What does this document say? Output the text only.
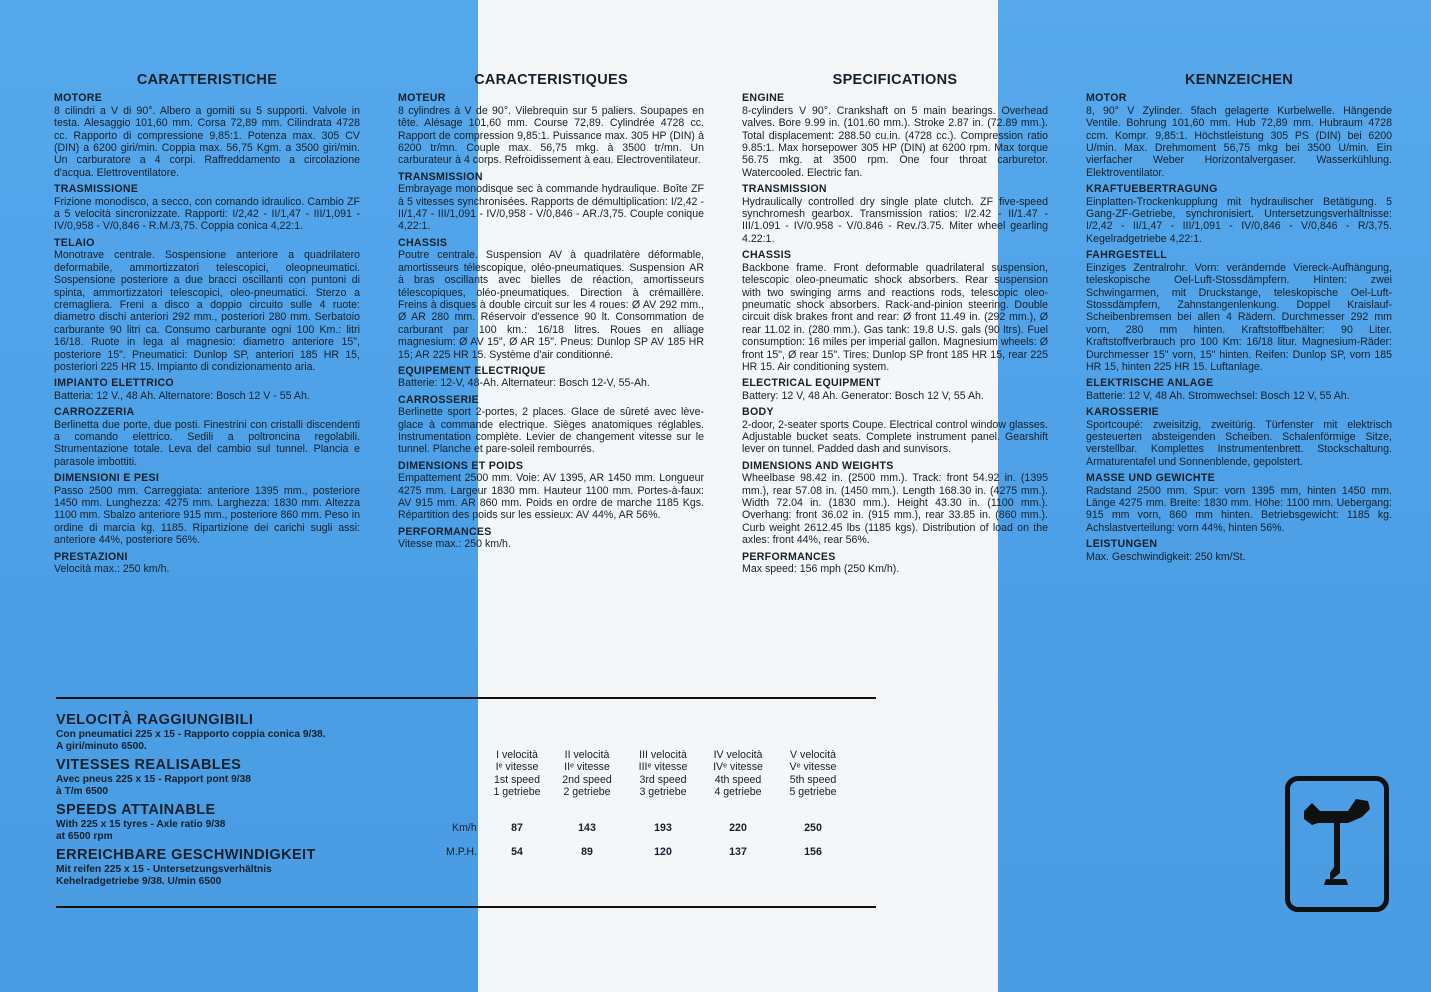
CARATTERISTICHE
MOTORE

8 cilindri a V di 90°. Albero a gomiti su 5 supporti. Valvole in testa. Alesaggio 101,60 mm. Corsa 72,89 mm. Cilindrata 4728 cc. Rapporto di compressione 9,85:1. Potenza max. 305 CV (DIN) a 6200 giri/min. Coppia max. 56,75 Kgm. a 3500 giri/min. Un carburatore a 4 corpi. Raffreddamento a circolazione d'acqua. Elettroventilatore.

TRASMISSIONE

Frizione monodisco, a secco, con comando idraulico. Cambio ZF a 5 velocità sincronizzate. Rapporti: I/2,42 - II/1,47 - III/1,091 - IV/0,958 - V/0,846 - R.M./3,75. Coppia conica 4,22:1.

TELAIO

Monotrave centrale. Sospensione anteriore a quadrilatero deformabile, ammortizzatori telescopici, oleopneumatici. Sospensione posteriore a due bracci oscillanti con puntoni di spinta, ammortizzatori telescopici, oleo-pneumatici. Sterzo a cremagliera. Freni a disco a doppio circuito sulle 4 ruote: diametro dischi anteriori 292 mm., posteriori 280 mm. Serbatoio carburante 90 litri ca. Consumo carburante ogni 100 Km.: litri 16/18. Ruote in lega al magnesio: diametro anteriore 15", posteriore 15". Pneumatici: Dunlop SP, anteriori 185 HR 15, posteriori 225 HR 15. Impianto di condizionamento aria.

IMPIANTO ELETTRICO

Batteria: 12 V., 48 Ah. Alternatore: Bosch 12 V - 55 Ah.

CARROZZERIA

Berlinetta due porte, due posti. Finestrini con cristalli discendenti a comando elettrico. Sedili a poltroncina regolabili. Strumentazione totale. Leva del cambio sul tunnel. Plancia e parasole imbottiti.

DIMENSIONI E PESI

Passo 2500 mm. Carreggiata: anteriore 1395 mm., posteriore 1450 mm. Lunghezza: 4275 mm. Larghezza: 1830 mm. Altezza 1100 mm. Sbalzo anteriore 915 mm., posteriore 860 mm. Peso in ordine di marcia kg. 1185. Ripartizione dei carichi sugli assi: anteriore 44%, posteriore 56%.

PRESTAZIONI

Velocità max.: 250 km/h.

CARACTERISTIQUES
MOTEUR

8 cylindres à V de 90°. Vilebrequin sur 5 paliers. Soupapes en tête. Alésage 101,60 mm. Course 72,89. Cylindrée 4728 cc. Rapport de compression 9,85:1. Puissance max. 305 HP (DIN) à 6200 tr/mn. Couple max. 56,75 mkg. à 3500 tr/mn. Un carburateur à 4 corps. Refroidissement à eau. Electroventilateur.

TRANSMISSION

Embrayage monodisque sec à commande hydraulique. Boîte ZF à 5 vitesses synchronisées. Rapports de démultiplication: I/2,42 - II/1,47 - III/1,091 - IV/0,958 - V/0,846 - AR./3,75. Couple conique 4,22:1.

CHASSIS

Poutre centrale. Suspension AV à quadrilatère déformable, amortisseurs télescopique, oléo-pneumatiques. Suspension AR à bras oscillants avec bielles de réaction, amortisseurs télescopiques, oléo-pneumatiques. Direction à crémaillère. Freins à disques à double circuit sur les 4 roues: Ø AV 292 mm., Ø AR 280 mm. Réservoir d'essence 90 lt. Consommation de carburant par 100 km.: 16/18 litres. Roues en alliage magnesium: Ø AV 15", Ø AR 15". Pneus: Dunlop SP AV 185 HR 15; AR 225 HR 15. Système d'air conditionné.

EQUIPEMENT ELECTRIQUE

Batterie: 12-V, 48-Ah. Alternateur: Bosch 12-V, 55-Ah.

CARROSSERIE

Berlinette sport 2-portes, 2 places. Glace de sûreté avec lève-glace à commande electrique. Sièges anatomiques réglables. Instrumentation complète. Levier de changement vitesse sur le tunnel. Planche et pare-soleil rembourrés.

DIMENSIONS ET POIDS

Empattement 2500 mm. Voie: AV 1395, AR 1450 mm. Longueur 4275 mm. Largeur 1830 mm. Hauteur 1100 mm. Portes-à-faux: AV 915 mm. AR 860 mm. Poids en ordre de marche 1185 Kgs. Répartition des poids sur les essieux: AV 44%, AR 56%.

PERFORMANCES

Vitesse max.: 250 km/h.

SPECIFICATIONS
ENGINE

8-cylinders V 90°. Crankshaft on 5 main bearings. Overhead valves. Bore 9.99 in. (101.60 mm.). Stroke 2.87 in. (72.89 mm.). Total displacement: 288.50 cu.in. (4728 cc.). Compression ratio 9.85:1. Max horsepower 305 HP (DIN) at 6200 rpm. Max torque 56.75 mkg. at 3500 rpm. One four throat carburetor. Watercooled. Electric fan.

TRANSMISSION

Hydraulically controlled dry single plate clutch. ZF five-speed synchromesh gearbox. Transmission ratios: I/2.42 - II/1.47 - III/1.091 - IV/0.958 - V/0.846 - Rev./3.75. Miter wheel gearling 4.22:1.

CHASSIS

Backbone frame. Front deformable quadrilateral suspension, telescopic oleo-pneumatic shock absorbers. Rear suspension with two swinging arms and reactions rods, telescopic oleo-pneumatic shock absorbers. Rack-and-pinion steering. Double circuit disk brakes front and rear: Ø front 11.49 in. (292 mm.), Ø rear 11.02 in. (280 mm.). Gas tank: 19.8 U.S. gals (90 ltrs). Fuel consumption: 16 miles per imperial gallon. Magnesium wheels: Ø front 15", Ø rear 15". Tires: Dunlop SP front 185 HR 15, rear 225 HR 15. Air conditioning system.

ELECTRICAL EQUIPMENT

Battery: 12 V, 48 Ah. Generator: Bosch 12 V, 55 Ah.

BODY

2-door, 2-seater sports Coupe. Electrical control window glasses. Adjustable bucket seats. Complete instrument panel. Gearshift lever on tunnel. Padded dash and sunvisors.

DIMENSIONS AND WEIGHTS

Wheelbase 98.42 in. (2500 mm.). Track: front 54.92 in. (1395 mm.), rear 57.08 in. (1450 mm.). Length 168.30 in. (4275 mm.). Width 72.04 in. (1830 mm.). Height 43.30 in. (1100 mm.). Overhang: front 36.02 in. (915 mm.), rear 33.85 in. (860 mm.). Curb weight 2612.45 lbs (1185 kgs). Distribution of load on the axles: front 44%, rear 56%.

PERFORMANCES

Max speed: 156 mph (250 Km/h).

KENNZEICHEN
MOTOR

8, 90° V Zylinder. 5fach gelagerte Kurbelwelle. Hängende Ventile. Bohrung 101,60 mm. Hub 72,89 mm. Hubraum 4728 ccm. Kompr. 9,85:1. Höchstleistung 305 PS (DIN) bei 6200 U/min. Max. Drehmoment 56,75 mkg bei 3500 U/min. Ein vierfacher Weber Horizontalvergaser. Wasserkühlung. Elektroventilator.

KRAFTUEBERTRAGUNG

Einplatten-Trockenkupplung mit hydraulischer Betätigung. 5 Gang-ZF-Getriebe, synchronisiert. Untersetzungsverhältnisse: I/2,42 - II/1,47 - III/1,091 - IV/0,846 - V/0,846 - R/3,75. Kegelradgetriebe 4,22:1.

FAHRGESTELL

Einziges Zentralrohr. Vorn: verändernde Viereck-Aufhängung, teleskopische Oel-Luft-Stossdämpfern. Hinten: zwei Schwingarmen, mit Druckstange, teleskopische Oel-Luft-Stossdämpfern, Zahnstangenlenkung. Doppel Kraislauf-Scheibenbremsen bei allen 4 Rädern. Durchmesser 292 mm vorn, 280 mm hinten. Kraftstoffbehälter: 90 Liter. Kraftstoffverbrauch pro 100 Km: 16/18 litur. Magnesium-Räder: Durchmesser 15" vorn, 15" hinten. Reifen: Dunlop SP, vorn 185 HR 15, hinten 225 HR 15. Luftanlage.

ELEKTRISCHE ANLAGE

Batterie: 12 V, 48 Ah. Stromwechsel: Bosch 12 V, 55 Ah.

KAROSSERIE

Sportcoupé: zweisitzig, zweitürig. Türfenster mit elektrisch gesteuerten absteigenden Scheiben. Schalenförmige Sitze, verstellbar. Komplettes Instrumentenbrett. Stockschaltung. Armaturentafel und Sonnenblende, gepolstert.

MASSE UND GEWICHTE

Radstand 2500 mm. Spur: vorn 1395 mm, hinten 1450 mm. Länge 4275 mm. Breite: 1830 mm. Höhe: 1100 mm. Uebergang: 915 mm vorn, 860 mm hinten. Betriebsgewicht: 1185 kg. Achslastverteilung: vorn 44%, hinten 56%.

LEISTUNGEN

Max. Geschwindigkeit: 250 km/St.

VELOCITÀ RAGGIUNGIBILI
Con pneumatici 225 x 15 - Rapporto coppia conica 9/38.
A giri/minuto 6500.
VITESSES REALISABLES
Avec pneus 225 x 15 - Rapport pont 9/38
à T/m 6500
SPEEDS ATTAINABLE
With 225 x 15 tyres - Axle ratio 9/38
at 6500 rpm
ERREICHBARE GESCHWINDIGKEIT
Mit reifen 225 x 15 - Untersetzungsverhältnis
Kehelradgetriebe 9/38. U/min 6500
I velocità
Iᵉ vitesse
1st speed
1 getriebe
II velocità
IIᵉ vitesse
2nd speed
2 getriebe
III velocità
IIIᵉ vitesse
3rd speed
3 getriebe
IV velocità
IVᵉ vitesse
4th speed
4 getriebe
V velocità
Vᵉ vitesse
5th speed
5 getriebe
Km/h
M.P.H.
87
54
143
89
193
120
220
137
250
156
